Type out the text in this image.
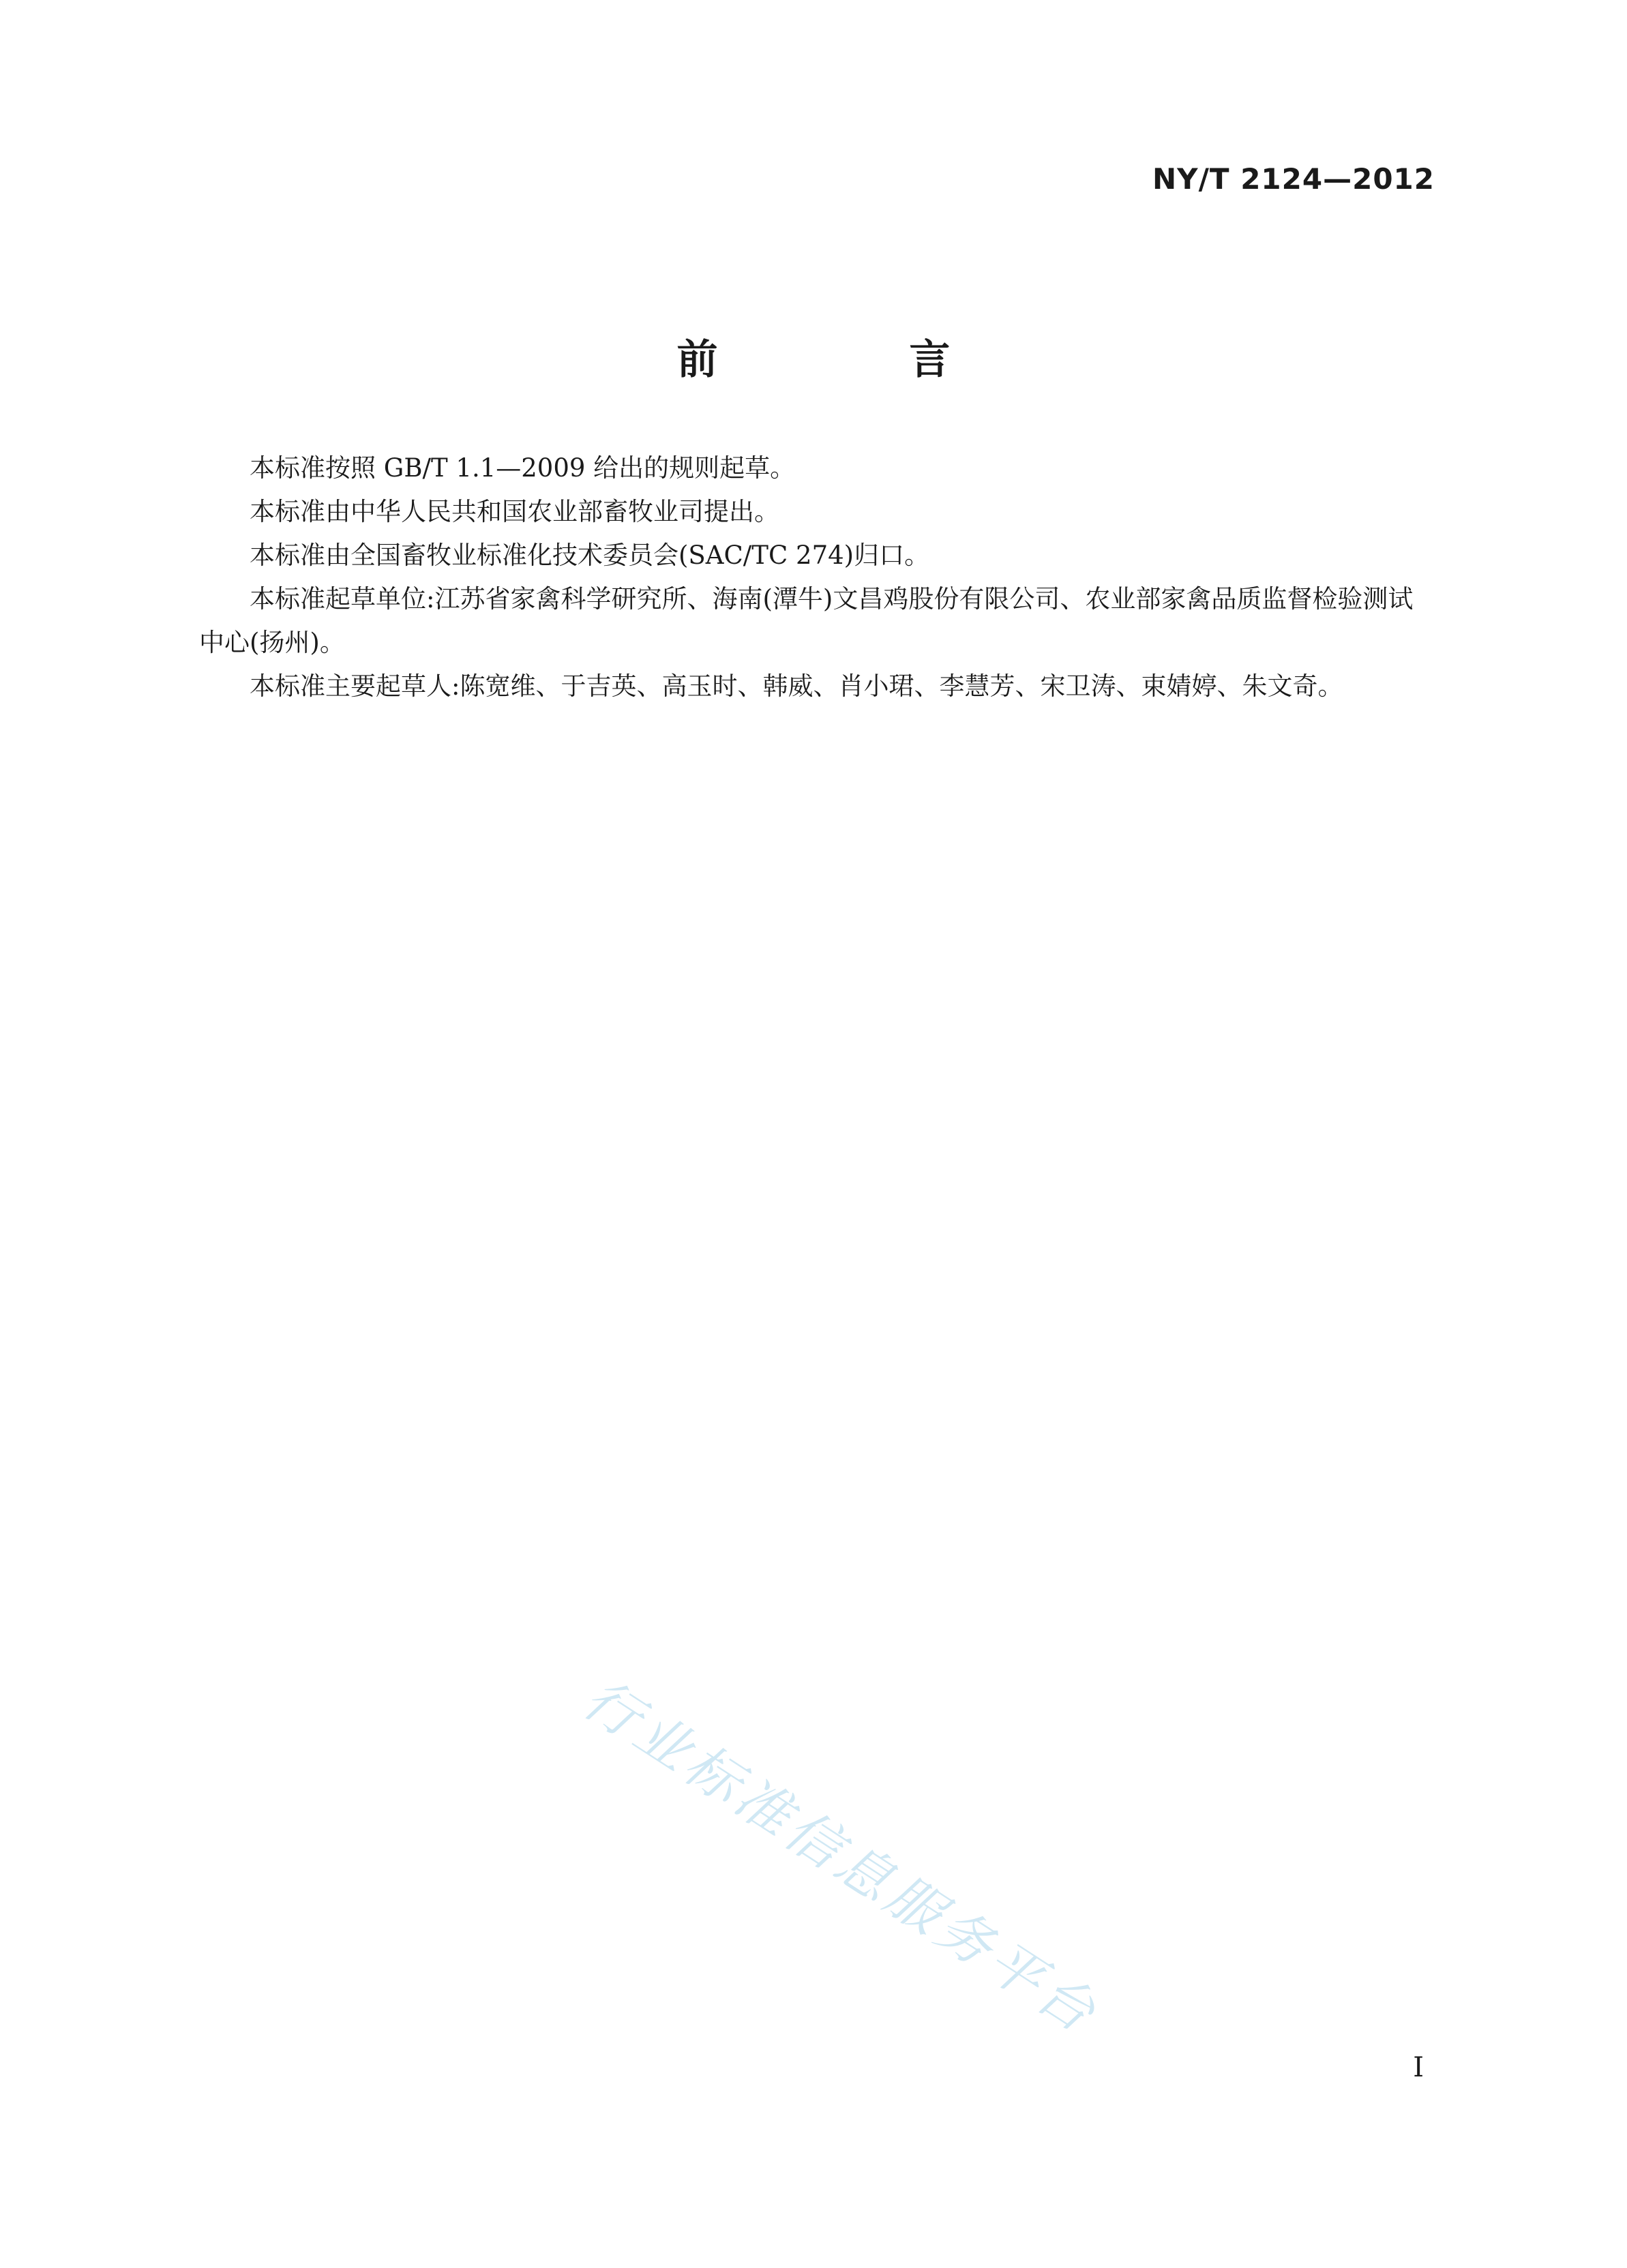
NY/T 2124—2012
前 言

本标准按照 GB/T 1.1—2009 给出的规则起草。

本标准由中华人民共和国农业部畜牧业司提出。

本标准由全国畜牧业标准化技术委员会(SAC/TC 274)归口。

本标准起草单位:江苏省家禽科学研究所、海南(潭牛)文昌鸡股份有限公司、农业部家禽品质监督检验测试中心(扬州)。

本标准主要起草人:陈宽维、于吉英、高玉时、韩威、肖小珺、李慧芳、宋卫涛、束婧婷、朱文奇。

行业标准信息服务平台
I
